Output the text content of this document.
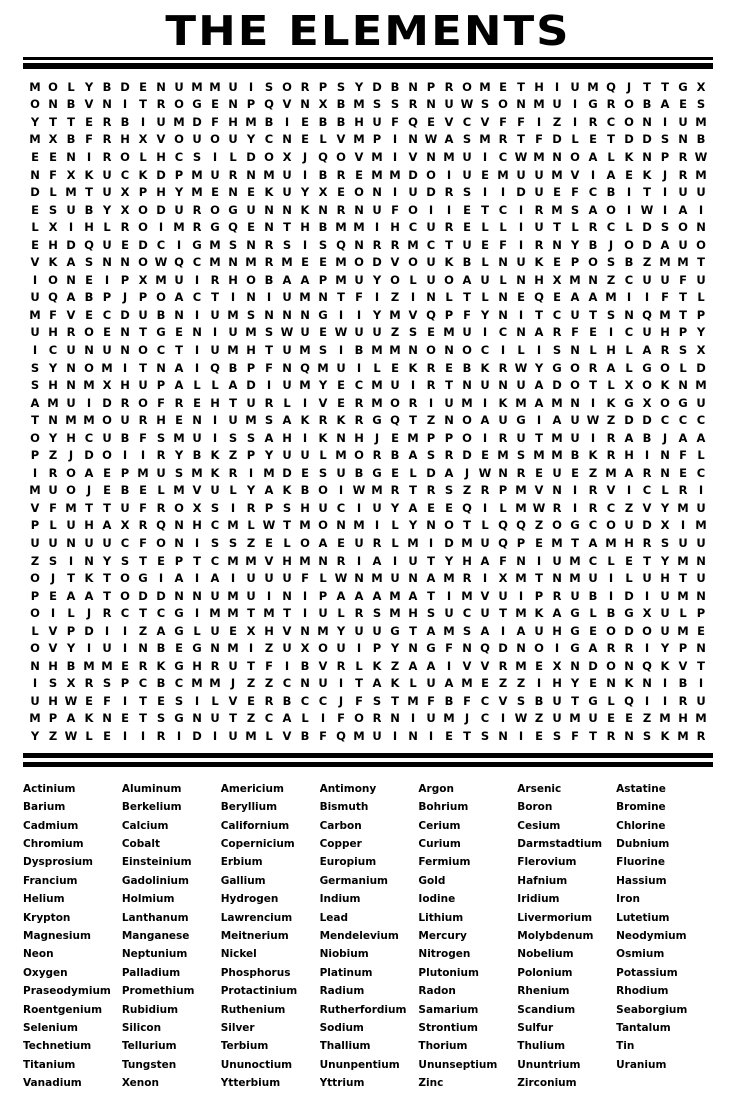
THE ELEMENTS
M O L Y B D E N U M M U I	S O R P S Y D B N P R O M E T H I U M Q J	T T G X
O N B V N I	T R O G E N P Q V N X B M S S R N U W S O N M U I G R O B A E S
Y T T E R B I U M D F H M B I	E B B H U F Q E V C V F F	I	Z	I R C O N I U M
M X B F R H X V O U O U Y C N E L V M P	I N W A S M R T F D L E T D D S N B
E E N I R O L H C S	I	L D O X J Q O V M I V N M U I	C W M N O A L K N P R W
N F X K U C K D P M U R N M U I B R E M M D O I U E M U U M V I A E K J R M
D L M T U X P H Y M E N E K U Y X E O N I U D R S	I	I D U E F C B I	T	I U U
E S U B Y X O D U R O G U N N K N R N U F O I	I	E T C	I R M S A O I W I A I
L X I H L R O I M R G Q E N T H B M M I H C U R E L L	I U T L R C L D S O N
E H D Q U E D C	I G M S N R S	I	S Q N R R M C T U E F	I R N Y B J O D A U O
V K A S N N O W Q C M N M R M E E M O D V O U K B L N U K E P O S B Z M M T
I O N E	I	P X M U I R H O B A A P M U Y O L U O A U L N H X M N Z C U U F U
U Q A B P	J	P O A C T	I N I U M N T F	I	Z	I N L T L N E Q E A A M I	I	F T L
M F V E C D U B N I U M S N N N G I	I	Y M V Q P F Y N I	T C U T S N Q M T P
U H R O E N T G E N I U M S W U E W U U Z S E M U I	C N A R F E	I	C U H P Y
I	C U N U N O C T	I U M H T U M S	I B M M N O N O C	I	L	I	S N L H L A R S X
S Y N O M I	T N A I Q B P F N Q M U I	L E K R E B K R W Y G O R A L G O L D
S H N M X H U P A L L A D I U M Y E C M U I R T N U N U A D O T L X O K N M
A M U I D R O F R E H T U R L	I V E R M O R I U M I K M A M N I K G X O G U
T N M M O U R H E N I U M S A K R K R G Q T Z N O A U G I A U W Z D D C C C
O Y H C U B F S M U I	S S A H I K N H J	E M P P O I R U T M U I R A B J A A
P Z	J D O I	I R Y B K Z P Y U U L M O R B A S R D E M S M M B K R H I N F L
I R O A E P M U S M K R I M D E S U B G E L D A J W N R E U E Z M A R N E C
M U O J	E B E L M V U L Y A K B O I W M R T R S Z R P M V N I R V I	C L R I
V F M T T U F R O X S	I R P S H U C	I U Y A E E Q I	L M W R I R C Z V Y M U
P L U H A X R Q N H C M L W T M O N M I	L Y N O T L Q Q Z O G C O U D X I M
U U N U U C F O N I	S S Z E L O A E U R L M I D M U Q P E M T A M H R S U U
Z S	I N Y S T E P T C M M V H M N R I A I U T Y H A F N I U M C L E T Y M N
O J	T K T O G I A I A I U U U F L W N M U N A M R I X M T N M U I	L U H T U
P E A A T O D D N N U M U I N I	P A A A M A T	I M V U I	P R U B I D I U M N
O I	L	J R C T C G I M M T M T	I U L R S M H S U C U T M K A G L B G X U L P
L V P D I	I	Z A G L U E X H V N M Y U U G T A M S A I A U H G E O D O U M E
O V Y	I U I N B E G N M I	Z U X O U I	P Y N G F N Q D N O I G A R R I	Y P N
N H B M M E R K G H R U T F	I B V R L K Z A A I V V R M E X N D O N Q K V T
I	S X R S P C B C M M J	Z Z C N U I	T A K L U A M E Z Z	I H Y E N K N I B I
U H W E F	I	T E S	I	L V E R B C C	J	F S T M F B F C V S B U T G L Q I	I R U
M P A K N E T S G N U T Z C A L	I	F O R N I U M J	C	I W Z U M U E E Z M H M
Y Z W L E	I	I R I D I U M L V B F Q M U I N I	E T S N I	E S F T R N S K M R
Actinium	Aluminum	Americium	Antimony	Argon	Arsenic	Astatine
Barium	Berkelium	Beryllium	Bismuth	Bohrium	Boron	Bromine
Cadmium	Calcium	Californium	Carbon	Cerium	Cesium	Chlorine
Chromium	Cobalt	Copernicium	Copper	Curium	Darmstadtium	Dubnium
Dysprosium	Einsteinium	Erbium	Europium	Fermium	Flerovium	Fluorine
Francium	Gadolinium	Gallium	Germanium	Gold	Hafnium	Hassium
Helium	Holmium	Hydrogen	Indium	Iodine	Iridium	Iron
Krypton	Lanthanum	Lawrencium	Lead	Lithium	Livermorium	Lutetium
Magnesium	Manganese	Meitnerium	Mendelevium	Mercury	Molybdenum	Neodymium
Neon	Neptunium	Nickel	Niobium	Nitrogen	Nobelium	Osmium
Oxygen	Palladium	Phosphorus	Platinum	Plutonium	Polonium	Potassium
Praseodymium	Promethium	Protactinium	Radium	Radon	Rhenium	Rhodium
Roentgenium	Rubidium	Ruthenium	Rutherfordium	Samarium	Scandium	Seaborgium
Selenium	Silicon	Silver	Sodium	Strontium	Sulfur	Tantalum
Technetium	Tellurium	Terbium	Thallium	Thorium	Thulium	Tin
Titanium	Tungsten	Ununoctium	Ununpentium	Ununseptium	Ununtrium	Uranium
Vanadium	Xenon	Ytterbium	Yttrium	Zinc	Zirconium
